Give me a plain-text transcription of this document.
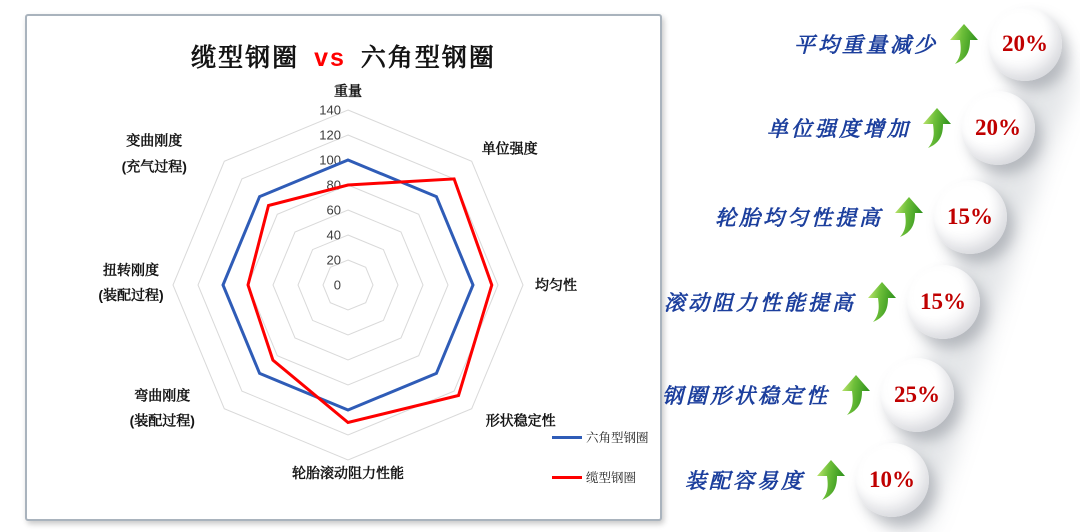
缆型钢圈 vs 六角型钢圈
0
20
40
60
80
100
120
140
重量
单位强度
均匀性
形状稳定性
轮胎滚动阻力性能
弯曲刚度
(装配过程)
扭转刚度
(装配过程)
变曲刚度
(充气过程)
六角型钢圈
缆型钢圈
平均重量减少	20%
单位强度增加	20%
轮胎均匀性提高	15%
滚动阻力性能提高	15%
钢圈形状稳定性	25%
装配容易度	10%
